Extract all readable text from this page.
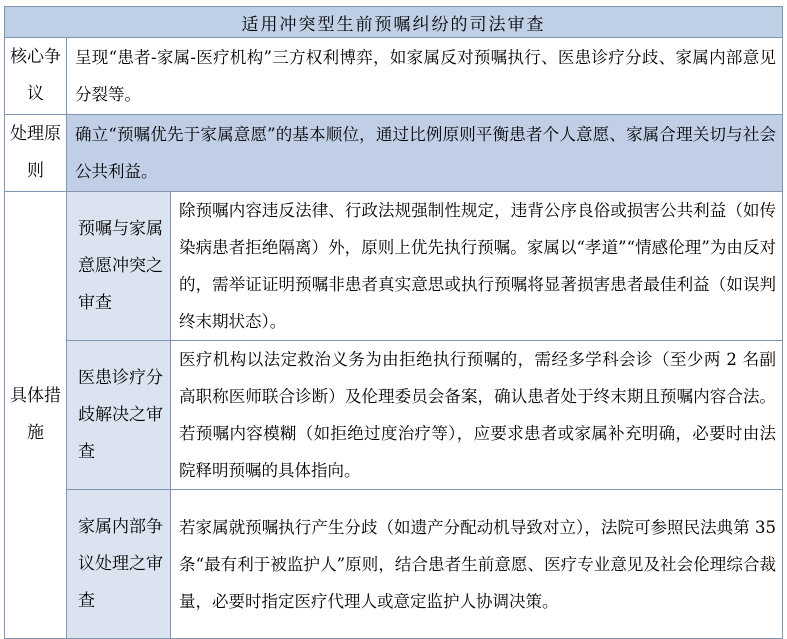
适用冲突型生前预嘱纠纷的司法审查		
核心争议	呈现“患者-家属-医疗机构”三方权利博弈，如家属反对预嘱执行、医患诊疗分歧、家属内部意见分裂等。	
处理原则	确立“预嘱优先于家属意愿”的基本顺位，通过比例原则平衡患者个人意愿、家属合理关切与社会公共利益。	
具体措施	预嘱与家属意愿冲突之审查	除预嘱内容违反法律、行政法规强制性规定，违背公序良俗或损害公共利益（如传染病患者拒绝隔离）外，原则上优先执行预嘱。家属以“孝道”“情感伦理”为由反对的，需举证证明预嘱非患者真实意思或执行预嘱将显著损害患者最佳利益（如误判终末期状态）。
	医患诊疗分歧解决之审查	医疗机构以法定救治义务为由拒绝执行预嘱的，需经多学科会诊（至少两 2 名副高职称医师联合诊断）及伦理委员会备案，确认患者处于终末期且预嘱内容合法。若预嘱内容模糊（如拒绝过度治疗等），应要求患者或家属补充明确，必要时由法院释明预嘱的具体指向。
	家属内部争议处理之审查	若家属就预嘱执行产生分歧（如遗产分配动机导致对立），法院可参照民法典第 35 条“最有利于被监护人”原则，结合患者生前意愿、医疗专业意见及社会伦理综合裁量，必要时指定医疗代理人或意定监护人协调决策。
